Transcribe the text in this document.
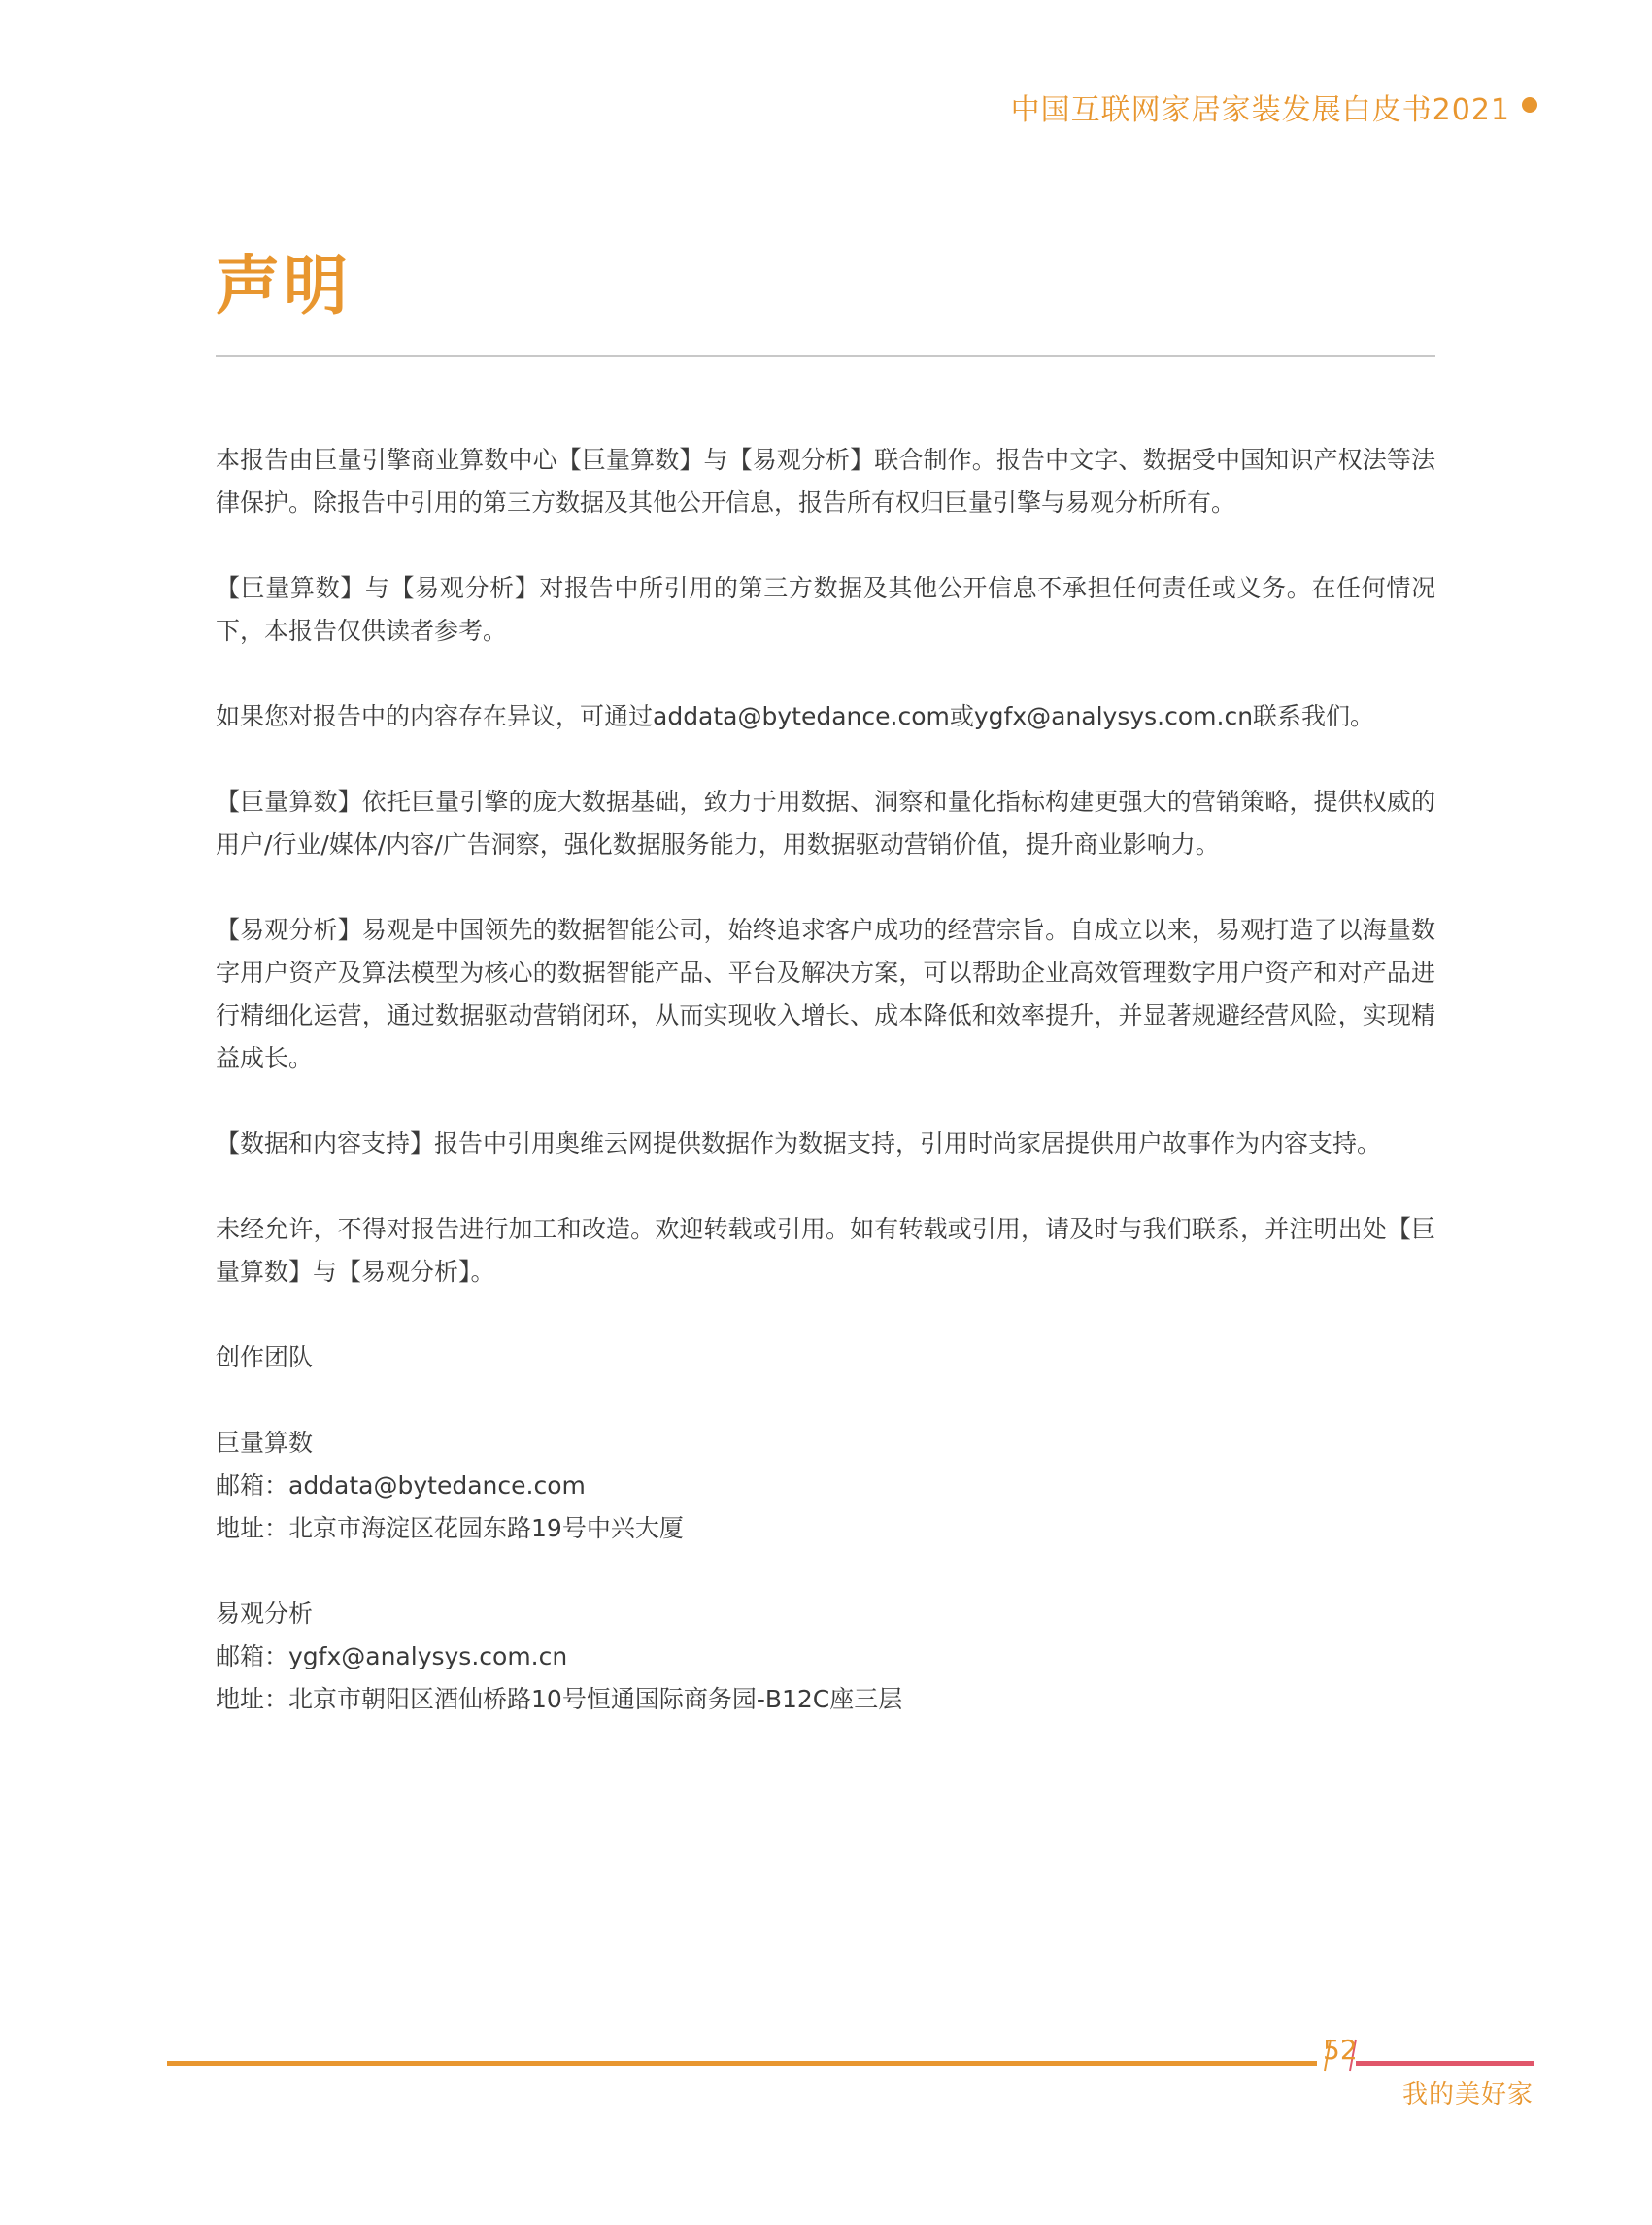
中国互联网家居家装发展白皮书2021
声明

本报告由巨量引擎商业算数中心【巨量算数】与【易观分析】联合制作。报告中文字、数据受中国知识产权法等法律保护。除报告中引用的第三方数据及其他公开信息，报告所有权归巨量引擎与易观分析所有。

【巨量算数】与【易观分析】对报告中所引用的第三方数据及其他公开信息不承担任何责任或义务。在任何情况下，本报告仅供读者参考。

如果您对报告中的内容存在异议，可通过addata@bytedance.com或ygfx@analysys.com.cn联系我们。

【巨量算数】依托巨量引擎的庞大数据基础，致力于用数据、洞察和量化指标构建更强大的营销策略，提供权威的用户/行业/媒体/内容/广告洞察，强化数据服务能力，用数据驱动营销价值，提升商业影响力。

【易观分析】易观是中国领先的数据智能公司，始终追求客户成功的经营宗旨。自成立以来，易观打造了以海量数字用户资产及算法模型为核心的数据智能产品、平台及解决方案，可以帮助企业高效管理数字用户资产和对产品进行精细化运营，通过数据驱动营销闭环，从而实现收入增长、成本降低和效率提升，并显著规避经营风险，实现精益成长。

【数据和内容支持】报告中引用奥维云网提供数据作为数据支持，引用时尚家居提供用户故事作为内容支持。

未经允许，不得对报告进行加工和改造。欢迎转载或引用。如有转载或引用，请及时与我们联系，并注明出处【巨量算数】与【易观分析】。

创作团队
巨量算数
邮箱：addata@bytedance.com
地址：北京市海淀区花园东路19号中兴大厦
易观分析
邮箱：ygfx@analysys.com.cn
地址：北京市朝阳区酒仙桥路10号恒通国际商务园-B12C座三层
52
我的美好家
